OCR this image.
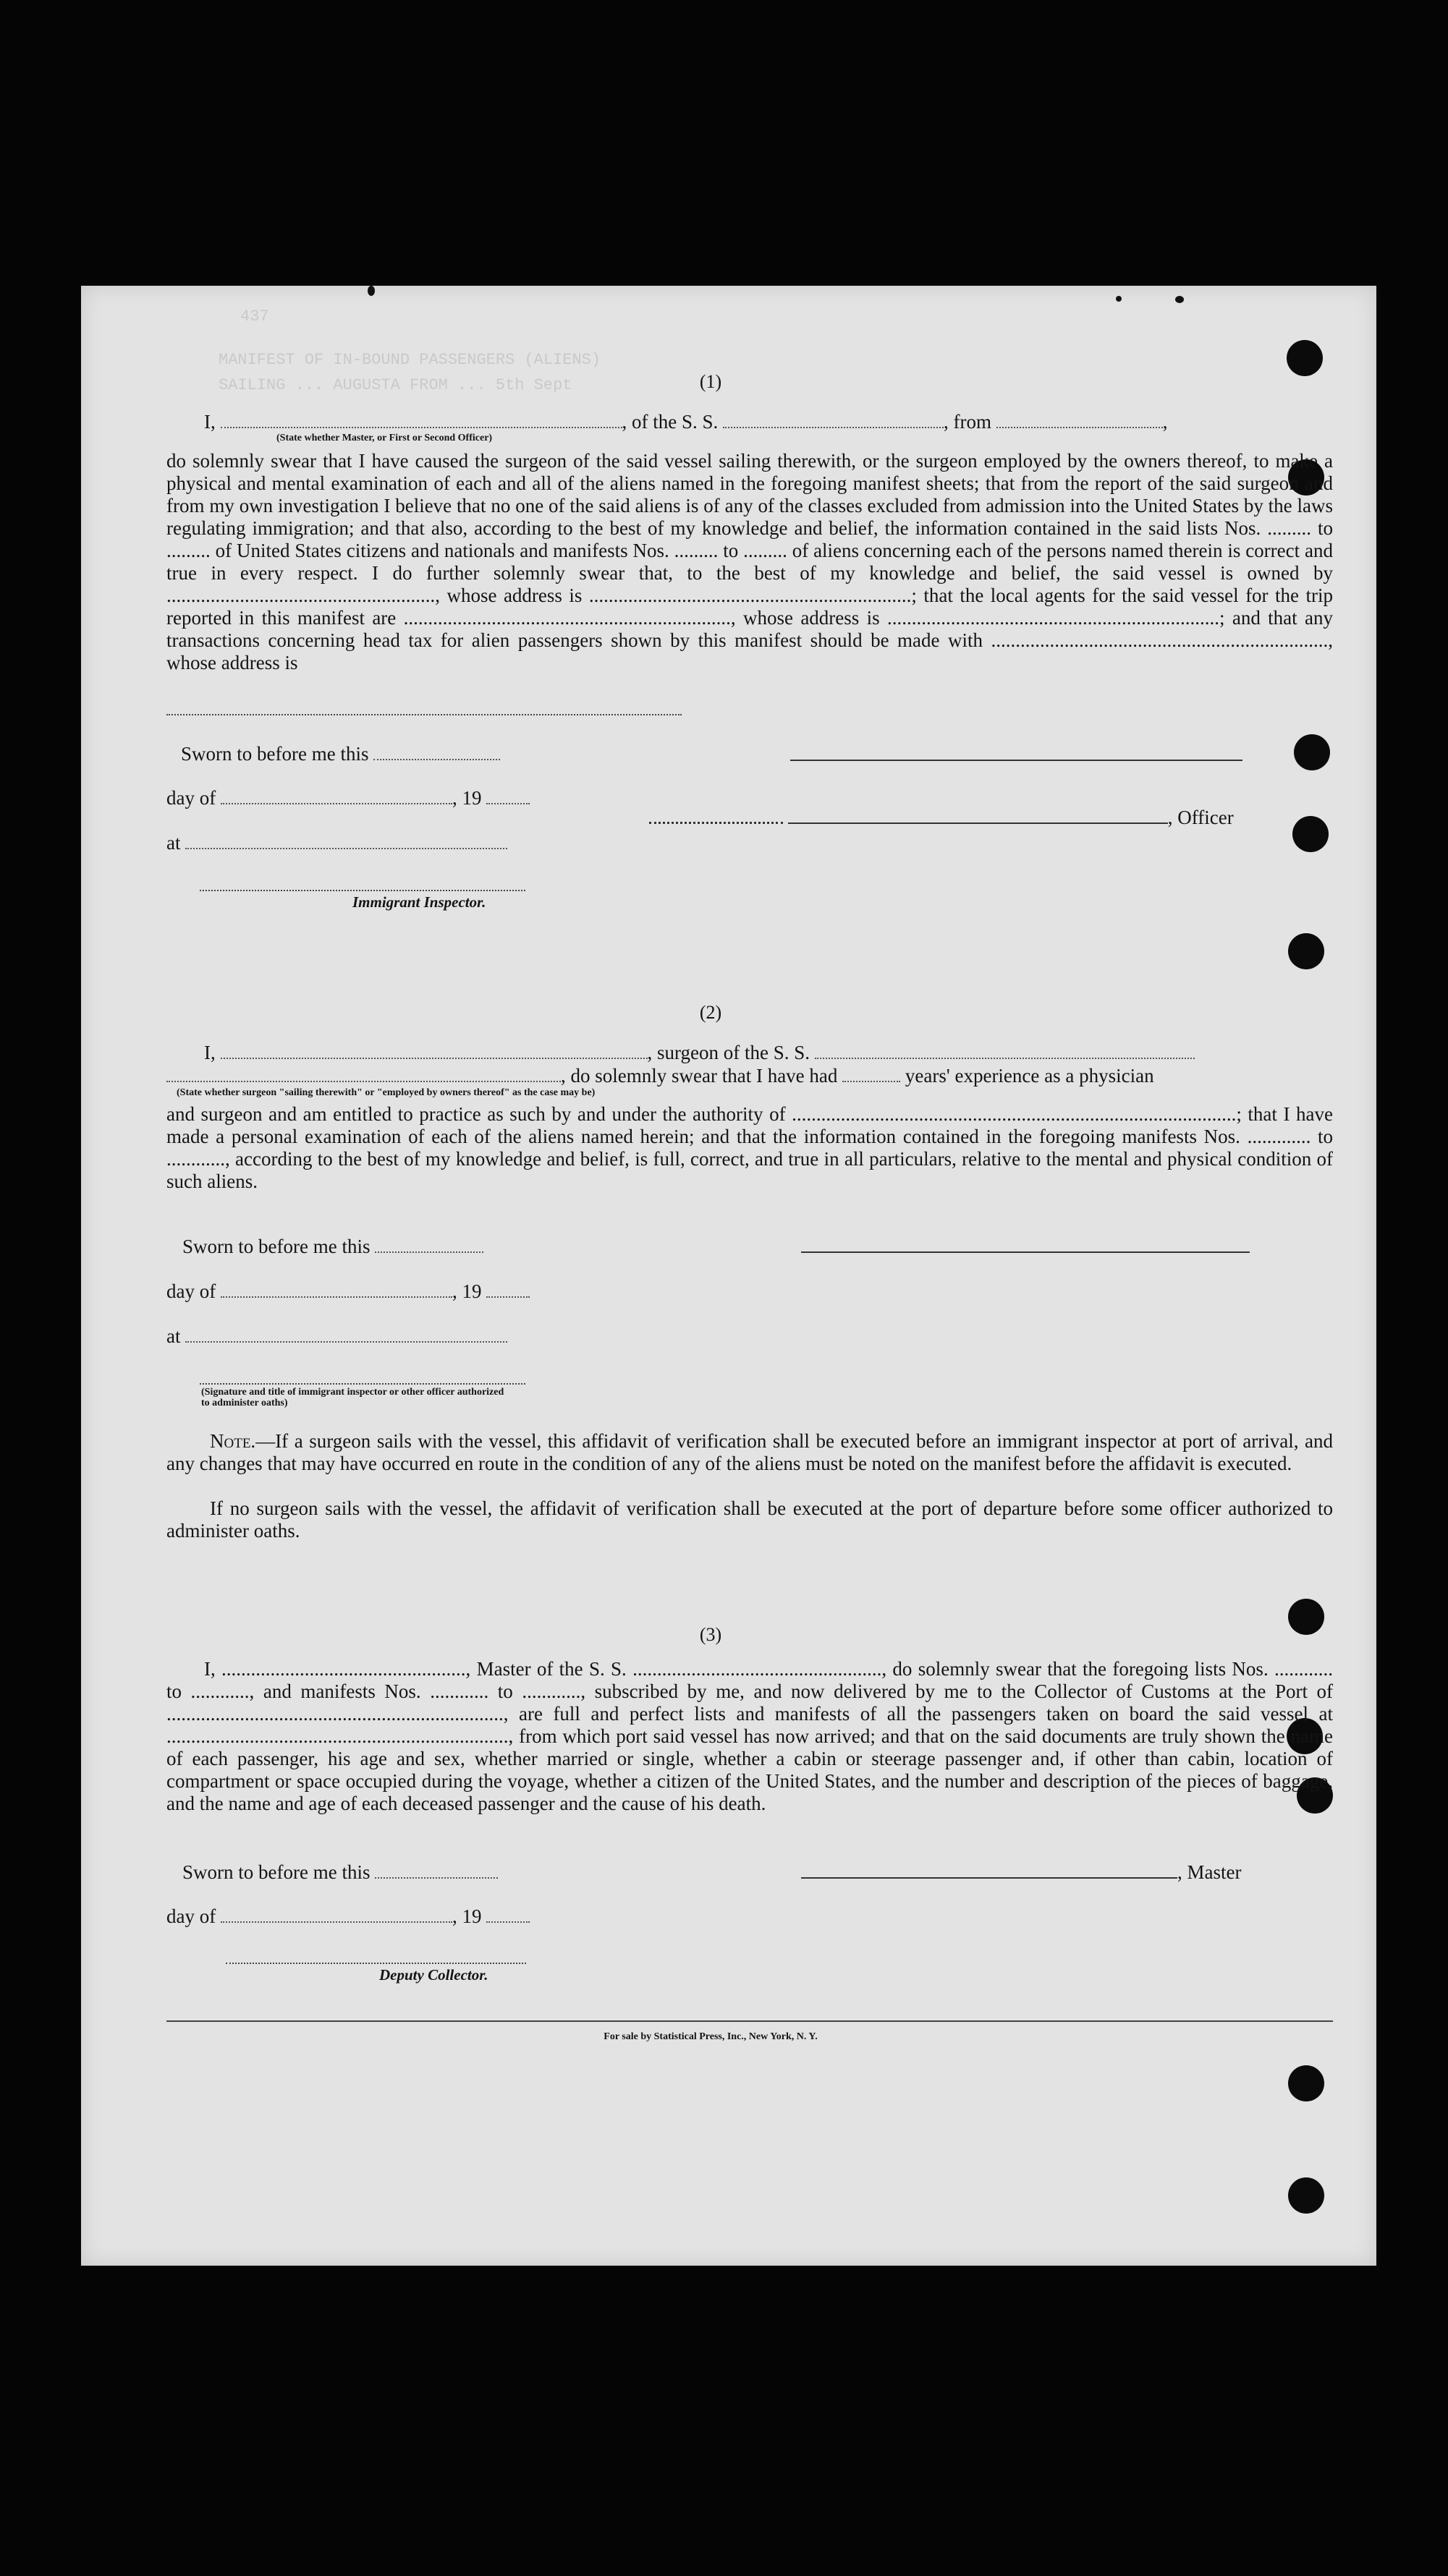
437
MANIFEST OF IN-BOUND PASSENGERS (ALIENS)
SAILING ... AUGUSTA FROM ... 5th Sept	(1)
I,	, of the S. S.	, from	,
(State whether Master, or First or Second Officer)
do solemnly swear that I have caused the surgeon of the said vessel sailing therewith, or the surgeon employed by the owners thereof, to make a physical and mental examination of each and all of the aliens named in the foregoing manifest sheets; that from the report of the said surgeon and from my own investigation I believe that no one of the said aliens is of any of the classes excluded from admission into the United States by the laws regulating immigration; and that also, according to the best of my knowledge and belief, the information contained in the said lists Nos. ......... to ......... of United States citizens and nationals and manifests Nos. ......... to ......... of aliens concerning each of the persons named therein is correct and true in every respect. I do further solemnly swear that, to the best of my knowledge and belief, the said vessel is owned by ......................................................., whose address is ..................................................................; that the local agents for the said vessel for the trip reported in this manifest are ..................................................................., whose address is ....................................................................; and that any transactions concerning head tax for alien passengers shown by this manifest should be made with ....................................................................., whose address is
Sworn to before me this
day of	, 19
, Officer
at
Immigrant Inspector.
(2)
I,	, surgeon of the S. S.
, do solemnly swear that I have had	years' experience as a physician
(State whether surgeon "sailing therewith" or "employed by owners thereof" as the case may be)
and surgeon and am entitled to practice as such by and under the authority of ...........................................................................................; that I have made a personal examination of each of the aliens named herein; and that the information contained in the foregoing manifests Nos. ............. to ............, according to the best of my knowledge and belief, is full, correct, and true in all particulars, relative to the mental and physical condition of such aliens.
Sworn to before me this
day of	, 19
at
(Signature and title of immigrant inspector or other officer authorized to administer oaths)
Note.—If a surgeon sails with the vessel, this affidavit of verification shall be executed before an immigrant inspector at port of arrival, and any changes that may have occurred en route in the condition of any of the aliens must be noted on the manifest before the affidavit is executed.
If no surgeon sails with the vessel, the affidavit of verification shall be executed at the port of departure before some officer authorized to administer oaths.
(3)
I, .................................................., Master of the S. S. ..................................................., do solemnly swear that the foregoing lists Nos. ............ to ............, and manifests Nos. ............ to ............, subscribed by me, and now delivered by me to the Collector of Customs at the Port of ....................................................................., are full and perfect lists and manifests of all the passengers taken on board the said vessel at ......................................................................, from which port said vessel has now arrived; and that on the said documents are truly shown the name of each passenger, his age and sex, whether married or single, whether a cabin or steerage passenger and, if other than cabin, location of compartment or space occupied during the voyage, whether a citizen of the United States, and the number and description of the pieces of baggage, and the name and age of each deceased passenger and the cause of his death.
Sworn to before me this	, Master
day of	, 19
Deputy Collector.
For sale by Statistical Press, Inc., New York, N. Y.
